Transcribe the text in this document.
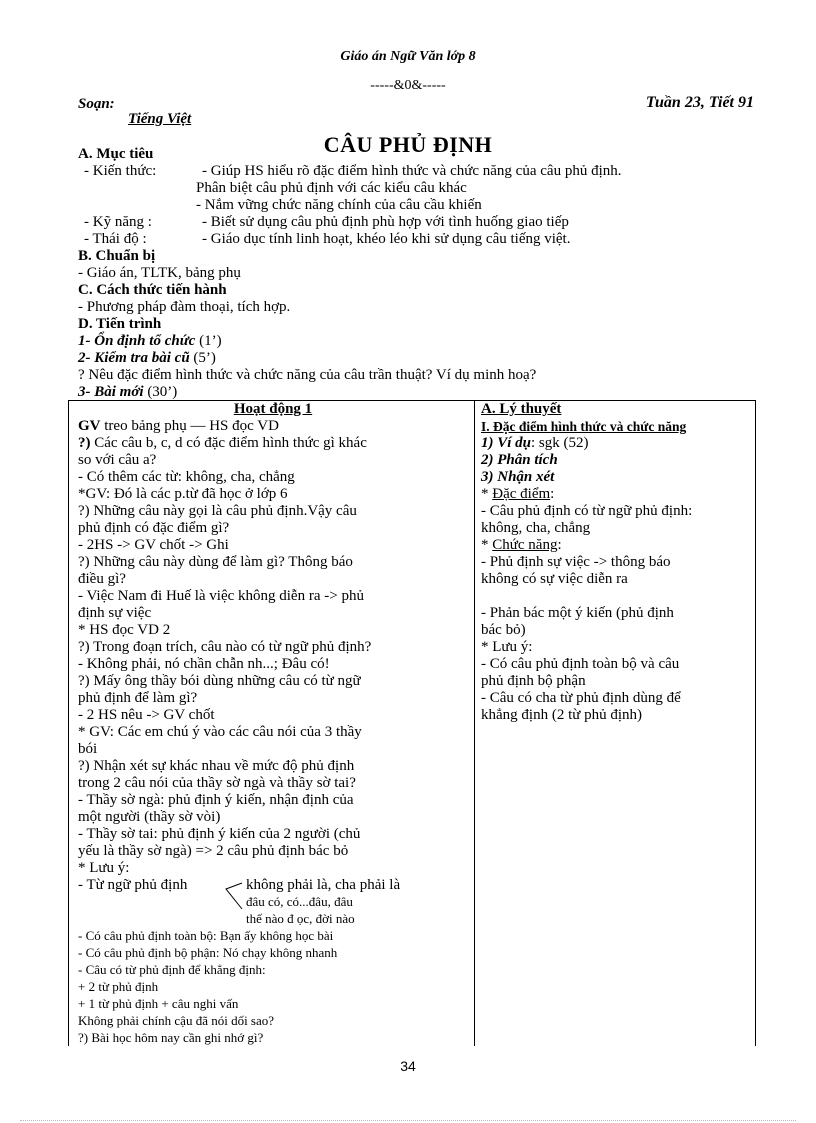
Giáo án Ngữ Văn lớp 8
-----&0&-----
Soạn:	Tuần 23, Tiết 91
Tiếng Việt
CÂU PHỦ ĐỊNH
A. Mục tiêu
- Kiến thức:	- Giúp HS hiểu rõ đặc điểm hình thức và chức năng của câu phủ định.
Phân biệt câu phủ định với các kiểu câu khác
- Nắm vững chức năng chính của câu cầu khiến
- Kỹ năng :	- Biết sử dụng câu phủ định phù hợp với tình huống giao tiếp
- Thái độ :	- Giáo dục tính linh hoạt, khéo léo khi sử dụng câu tiếng việt.
B. Chuẩn bị
- Giáo án, TLTK, bảng phụ
C. Cách thức tiến hành
- Phương pháp đàm thoại, tích hợp.
D. Tiến trình
1- Ổn định tổ chức (1’)
2- Kiểm tra bài cũ (5’)
? Nêu đặc điểm hình thức và chức năng của câu trần thuật? Ví dụ minh hoạ?
3- Bài mới (30’)
Hoạt động 1
GV treo bảng phụ — HS đọc VD
?) Các câu b, c, d có đặc điểm hình thức gì khác
so với câu a?
- Có thêm các từ: không, cha, chẳng
*GV: Đó là các p.từ đã học ở lớp 6
?) Những câu này gọi là câu phủ định.Vậy câu
phủ định có đặc điểm gì?
- 2HS -> GV chốt -> Ghi
?) Những câu này dùng để làm gì? Thông báo
điều gì?
- Việc Nam đi Huế là việc không diễn ra -> phủ
định sự việc
* HS đọc VD 2
?) Trong đoạn trích, câu nào có từ ngữ phủ định?
- Không phải, nó chần chẫn nh...; Đâu có!
?) Mấy ông thầy bói dùng những câu có từ ngữ
phủ định để làm gì?
- 2 HS nêu -> GV chốt
* GV: Các em chú ý vào các câu nói của 3 thầy
bói
?) Nhận xét sự khác nhau về mức độ phủ định
trong 2 câu nói của thầy sờ ngà và thầy sờ tai?
- Thầy sờ ngà: phủ định ý kiến, nhận định của
một người (thầy sờ vòi)
- Thầy sờ tai: phủ định ý kiến của 2 người (chủ
yếu là thầy sờ ngà) => 2 câu phủ định bác bỏ
* Lưu ý:
- Từ ngữ phủ định	không phải là, cha phải là
đâu có, có...đâu, đâu
thế nào đ ọc, đời nào
- Có câu phủ định toàn bộ: Bạn ấy không học bài
- Có câu phủ định bộ phận: Nó chạy không nhanh
- Câu có từ phủ định để khẳng định:
+ 2 từ phủ định
+ 1 từ phủ định + câu nghi vấn
Không phải chính cậu đã nói dối sao?
?) Bài học hôm nay cần ghi nhớ gì?
A. Lý thuyết
I. Đặc điểm hình thức và chức năng
1) Ví dụ: sgk (52)
2) Phân tích
3) Nhận xét
* Đặc điểm:
- Câu phủ định có từ ngữ phủ định:
không, cha, chẳng
* Chức năng:
- Phủ định sự việc -> thông báo
không có sự việc diễn ra
- Phản bác một ý kiến (phủ định
bác bỏ)
* Lưu ý:
- Có câu phủ định toàn bộ và câu
phủ định bộ phận
- Câu có cha từ phủ định dùng để
khẳng định (2 từ phủ định)
34
